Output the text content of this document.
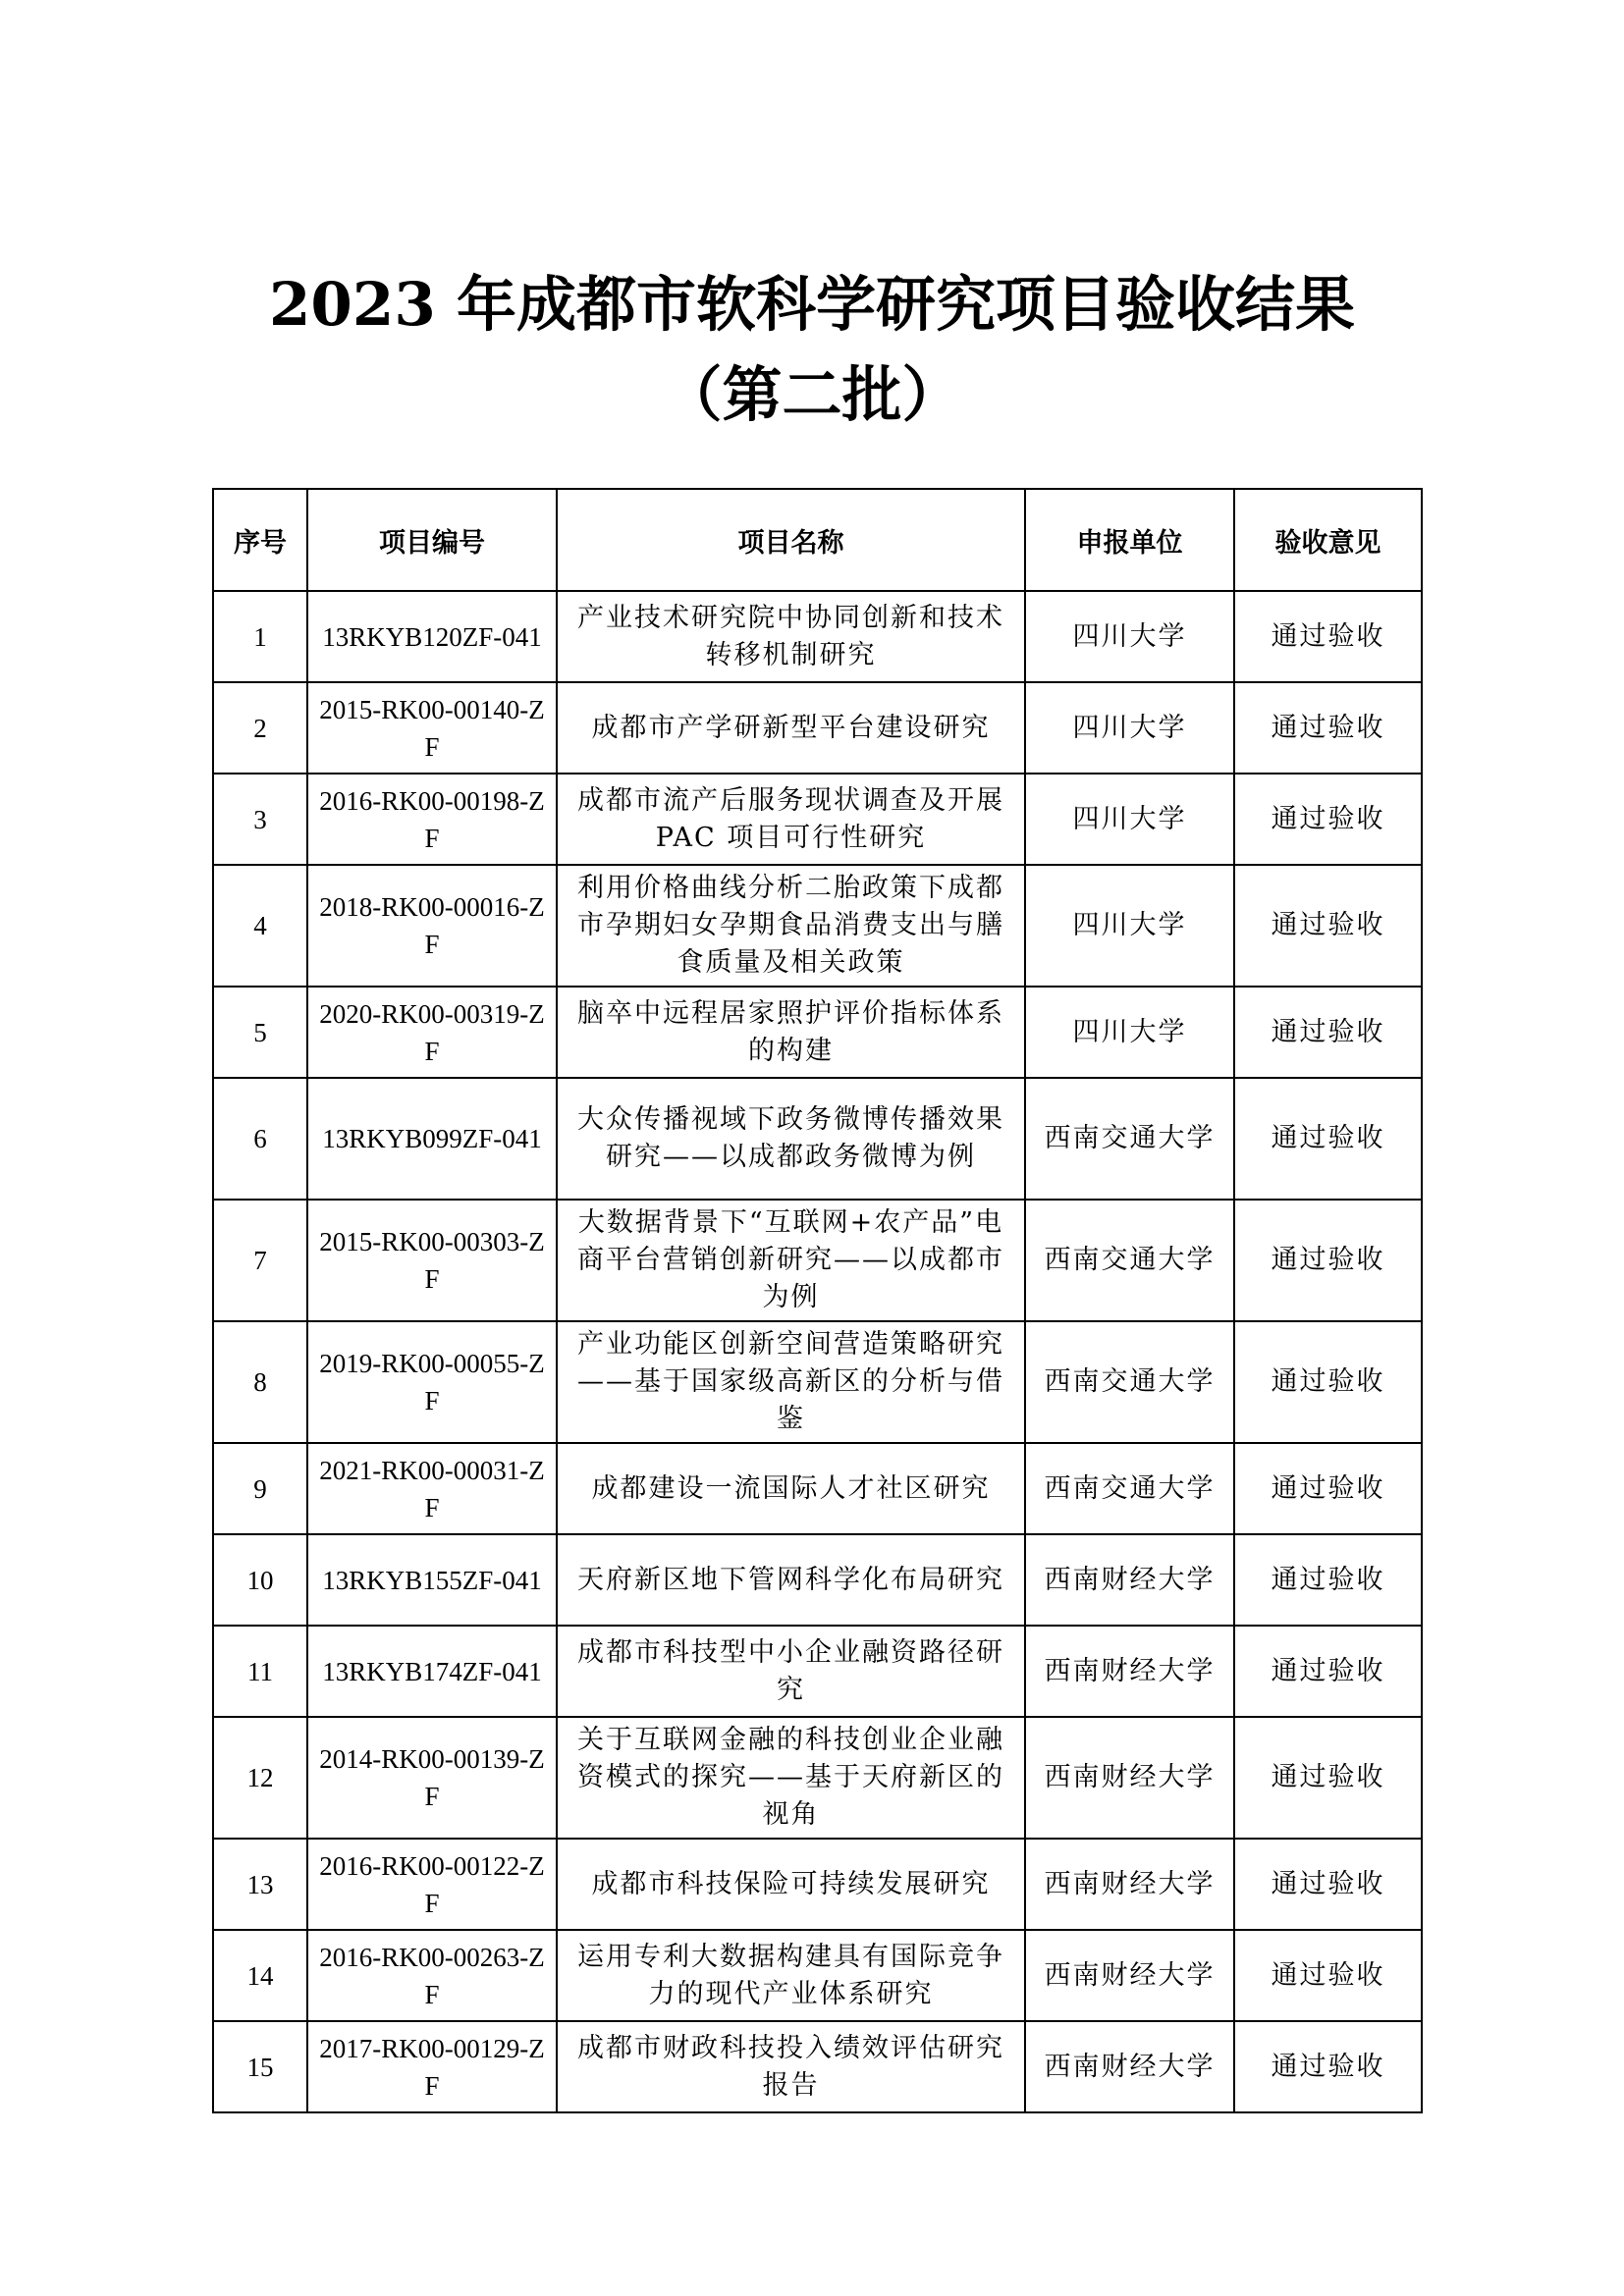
2023 年成都市软科学研究项目验收结果
（第二批）
序号	项目编号	项目名称	申报单位	验收意见
1	13RKYB120ZF-041	产业技术研究院中协同创新和技术转移机制研究	四川大学	通过验收
2	2015-RK00-00140-ZF	成都市产学研新型平台建设研究	四川大学	通过验收
3	2016-RK00-00198-ZF	成都市流产后服务现状调查及开展PAC 项目可行性研究	四川大学	通过验收
4	2018-RK00-00016-ZF	利用价格曲线分析二胎政策下成都市孕期妇女孕期食品消费支出与膳食质量及相关政策	四川大学	通过验收
5	2020-RK00-00319-ZF	脑卒中远程居家照护评价指标体系的构建	四川大学	通过验收
6	13RKYB099ZF-041	大众传播视域下政务微博传播效果研究——以成都政务微博为例	西南交通大学	通过验收
7	2015-RK00-00303-ZF	大数据背景下“互联网+农产品”电商平台营销创新研究——以成都市为例	西南交通大学	通过验收
8	2019-RK00-00055-ZF	产业功能区创新空间营造策略研究——基于国家级高新区的分析与借鉴	西南交通大学	通过验收
9	2021-RK00-00031-ZF	成都建设一流国际人才社区研究	西南交通大学	通过验收
10	13RKYB155ZF-041	天府新区地下管网科学化布局研究	西南财经大学	通过验收
11	13RKYB174ZF-041	成都市科技型中小企业融资路径研究	西南财经大学	通过验收
12	2014-RK00-00139-ZF	关于互联网金融的科技创业企业融资模式的探究——基于天府新区的视角	西南财经大学	通过验收
13	2016-RK00-00122-ZF	成都市科技保险可持续发展研究	西南财经大学	通过验收
14	2016-RK00-00263-ZF	运用专利大数据构建具有国际竞争力的现代产业体系研究	西南财经大学	通过验收
15	2017-RK00-00129-ZF	成都市财政科技投入绩效评估研究报告	西南财经大学	通过验收
